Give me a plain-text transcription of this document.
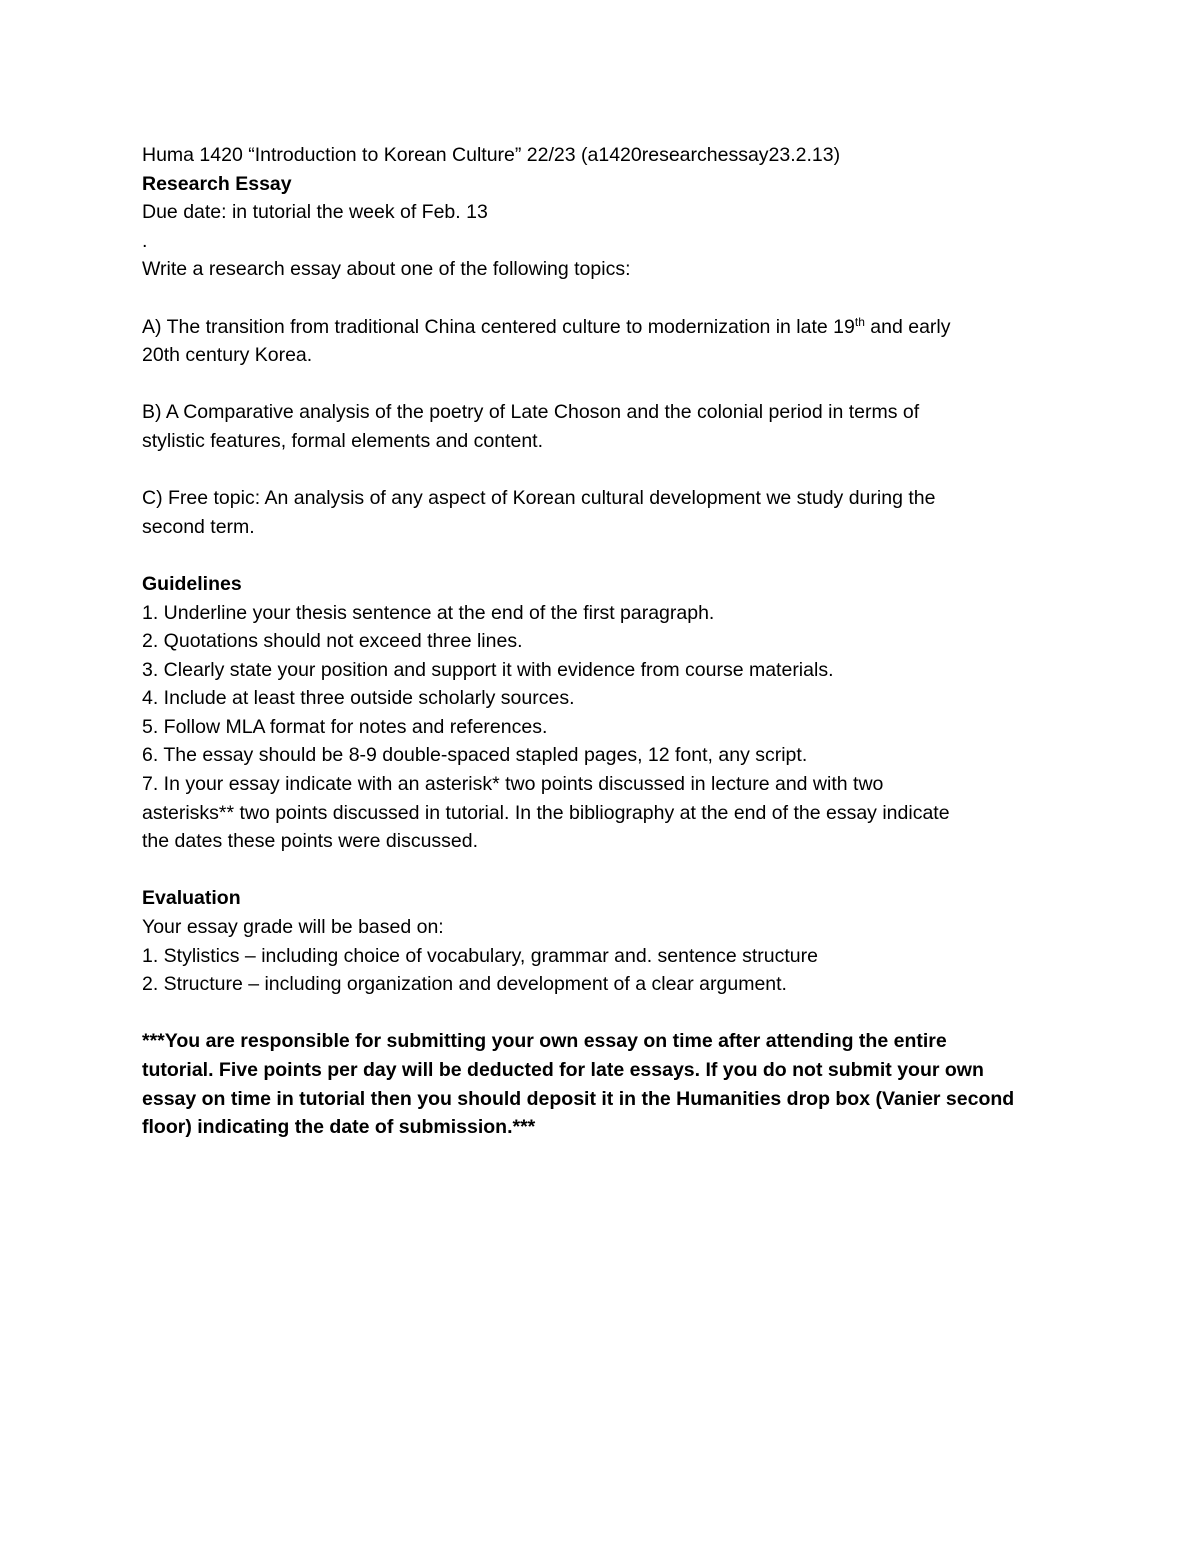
Huma 1420 “Introduction to Korean Culture” 22/23 (a1420researchessay23.2.13)
Research Essay
Due date: in tutorial the week of Feb. 13
.
Write a research essay about one of the following topics:
A) The transition from traditional China centered culture to modernization in late 19th and early
20th century Korea.
B) A Comparative analysis of the poetry of Late Choson and the colonial period in terms of
stylistic features, formal elements and content.
C) Free topic: An analysis of any aspect of Korean cultural development we study during the
second term.
Guidelines
1. Underline your thesis sentence at the end of the first paragraph.
2. Quotations should not exceed three lines.
3. Clearly state your position and support it with evidence from course materials.
4. Include at least three outside scholarly sources.
5. Follow MLA format for notes and references.
6. The essay should be 8-9 double-spaced stapled pages, 12 font, any script.
7. In your essay indicate with an asterisk* two points discussed in lecture and with two
asterisks** two points discussed in tutorial. In the bibliography at the end of the essay indicate
the dates these points were discussed.
Evaluation
Your essay grade will be based on:
1. Stylistics – including choice of vocabulary, grammar and. sentence structure
2. Structure – including organization and development of a clear argument.
***You are responsible for submitting your own essay on time after attending the entire
tutorial. Five points per day will be deducted for late essays. If you do not submit your own
essay on time in tutorial then you should deposit it in the Humanities drop box (Vanier second
floor) indicating the date of submission.***
